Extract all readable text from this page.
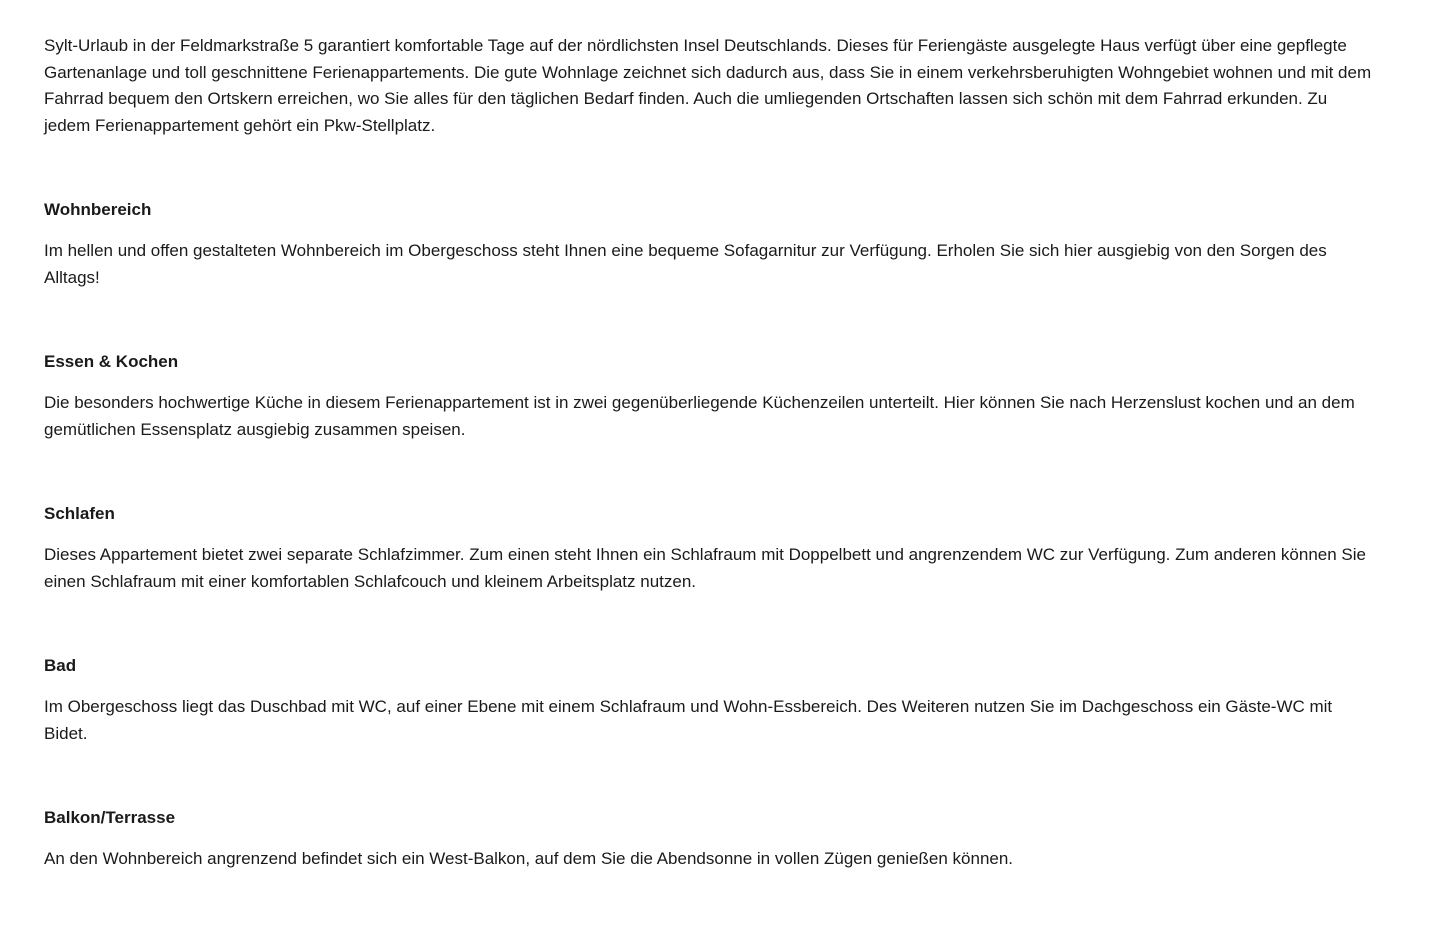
Sylt-Urlaub in der Feldmarkstraße 5 garantiert komfortable Tage auf der nördlichsten Insel Deutschlands. Dieses für Feriengäste ausgelegte Haus verfügt über eine gepflegte Gartenanlage und toll geschnittene Ferienappartements. Die gute Wohnlage zeichnet sich dadurch aus, dass Sie in einem verkehrsberuhigten Wohngebiet wohnen und mit dem Fahrrad bequem den Ortskern erreichen, wo Sie alles für den täglichen Bedarf finden. Auch die umliegenden Ortschaften lassen sich schön mit dem Fahrrad erkunden. Zu jedem Ferienappartement gehört ein Pkw-Stellplatz.

Wohnbereich

Im hellen und offen gestalteten Wohnbereich im Obergeschoss steht Ihnen eine bequeme Sofagarnitur zur Verfügung. Erholen Sie sich hier ausgiebig von den Sorgen des Alltags!

Essen & Kochen

Die besonders hochwertige Küche in diesem Ferienappartement ist in zwei gegenüberliegende Küchenzeilen unterteilt. Hier können Sie nach Herzenslust kochen und an dem gemütlichen Essensplatz ausgiebig zusammen speisen.

Schlafen

Dieses Appartement bietet zwei separate Schlafzimmer. Zum einen steht Ihnen ein Schlafraum mit Doppelbett und angrenzendem WC zur Verfügung. Zum anderen können Sie einen Schlafraum mit einer komfortablen Schlafcouch und kleinem Arbeitsplatz nutzen.

Bad

Im Obergeschoss liegt das Duschbad mit WC, auf einer Ebene mit einem Schlafraum und Wohn-Essbereich. Des Weiteren nutzen Sie im Dachgeschoss ein Gäste-WC mit Bidet.

Balkon/Terrasse

An den Wohnbereich angrenzend befindet sich ein West-Balkon, auf dem Sie die Abendsonne in vollen Zügen genießen können.
